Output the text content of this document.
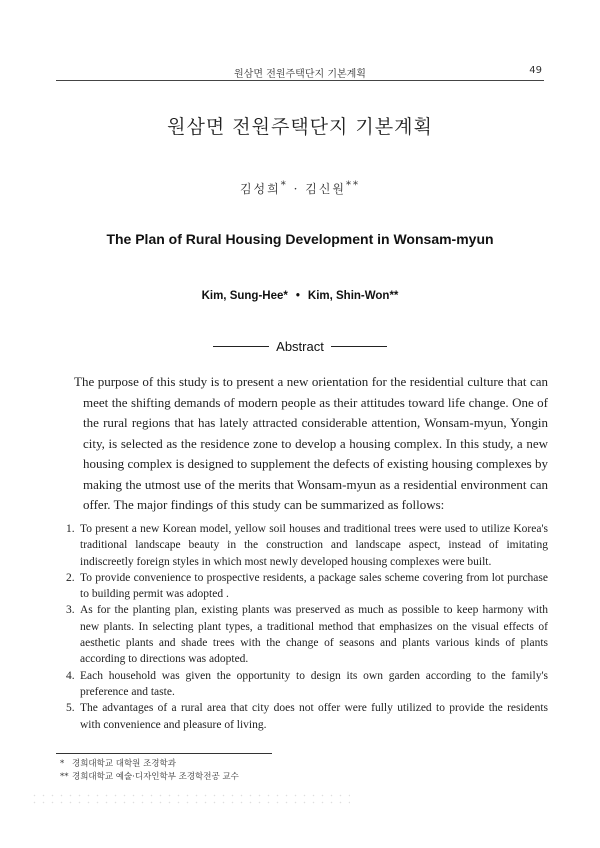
원삼면 전원주택단지 기본계획	49
원삼면 전원주택단지 기본계획
김성희* · 김신원**
The Plan of Rural Housing Development in Wonsam-myun
Kim, Sung-Hee* • Kim, Shin-Won**
Abstract

The purpose of this study is to present a new orientation for the residential culture that can
meet the shifting demands of modern people as their attitudes toward life change. One of
the rural regions that has lately attracted considerable attention, Wonsam-myun, Yongin
city, is selected as the residence zone to develop a housing complex. In this study, a new
housing complex is designed to supplement the defects of existing housing complexes by
making the utmost use of the merits that Wonsam-myun as a residential environment can
offer. The major findings of this study can be summarized as follows:

1. To present a new Korean model, yellow soil houses and traditional trees were used to utilize Korea's
traditional landscape beauty in the construction and landscape aspect, instead of imitating
indiscreetly foreign styles in which most newly developed housing complexes were built.
2. To provide convenience to prospective residents, a package sales scheme covering from lot purchase
to building permit was adopted .
3. As for the planting plan, existing plants was preserved as much as possible to keep harmony with
new plants. In selecting plant types, a traditional method that emphasizes on the visual effects of
aesthetic plants and shade trees with the change of seasons and plants various kinds of plants
according to directions was adopted.
4. Each household was given the opportunity to design its own garden according to the family's
preference and taste.
5. The advantages of a rural area that city does not offer were fully utilized to provide the residents
with convenience and pleasure of living.
* 경희대학교 대학원 조경학과
** 경희대학교 예술·디자인학부 조경학전공 교수
